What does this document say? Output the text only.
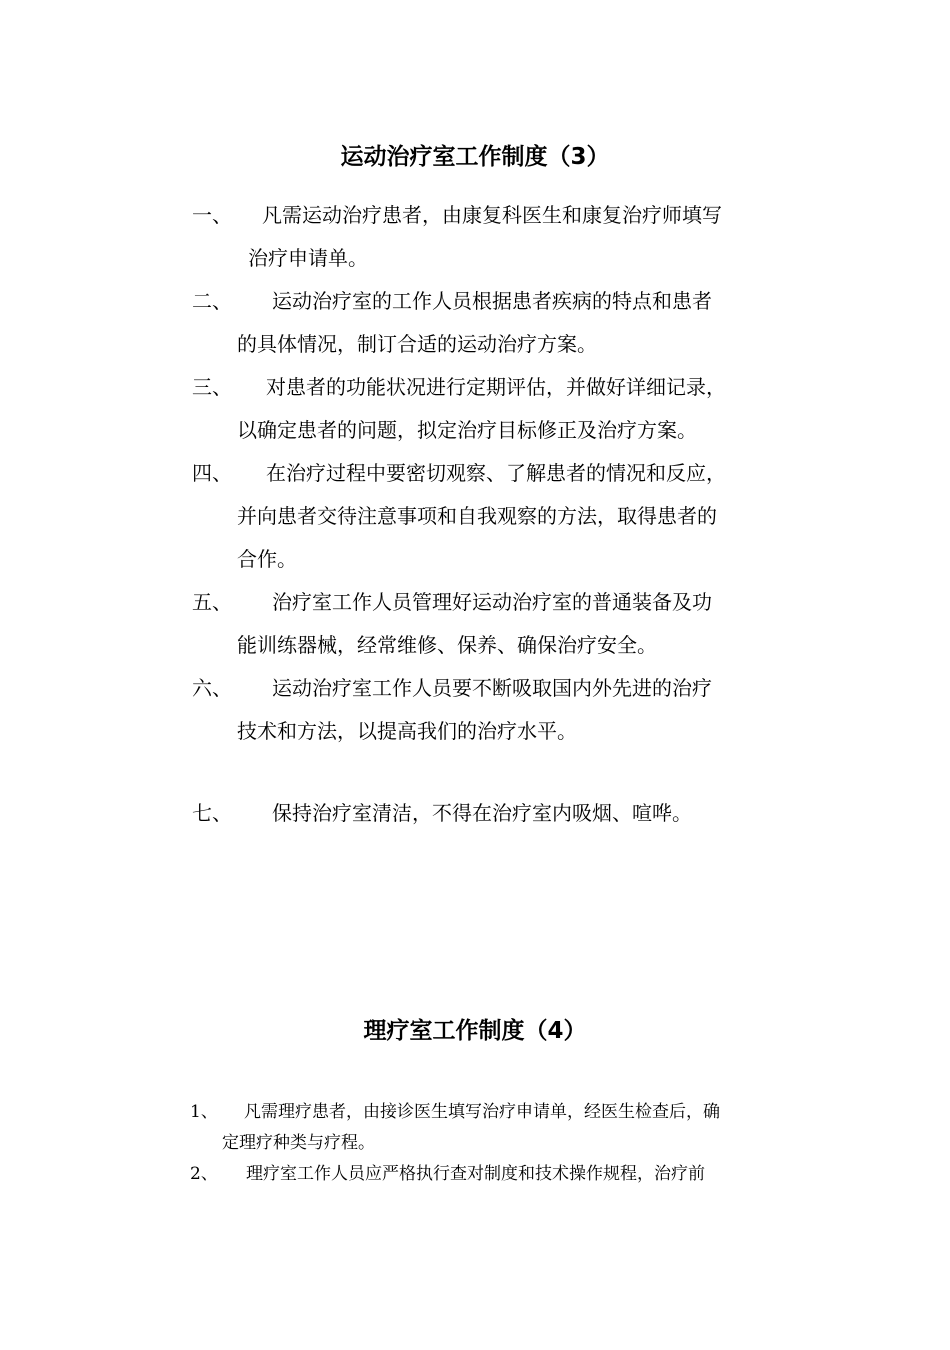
运动治疗室工作制度（3）
一、 凡需运动治疗患者，由康复科医生和康复治疗师填写
治疗申请单。
二、 运动治疗室的工作人员根据患者疾病的特点和患者
的具体情况，制订合适的运动治疗方案。
三、 对患者的功能状况进行定期评估，并做好详细记录，
以确定患者的问题，拟定治疗目标修正及治疗方案。
四、 在治疗过程中要密切观察、了解患者的情况和反应，
并向患者交待注意事项和自我观察的方法，取得患者的
合作。
五、 治疗室工作人员管理好运动治疗室的普通装备及功
能训练器械，经常维修、保养、确保治疗安全。
六、 运动治疗室工作人员要不断吸取国内外先进的治疗
技术和方法，以提高我们的治疗水平。
七、 保持治疗室清洁，不得在治疗室内吸烟、喧哗。
理疗室工作制度（4）
1、 凡需理疗患者，由接诊医生填写治疗申请单，经医生检查后，确
定理疗种类与疗程。
2、 理疗室工作人员应严格执行查对制度和技术操作规程，治疗前
